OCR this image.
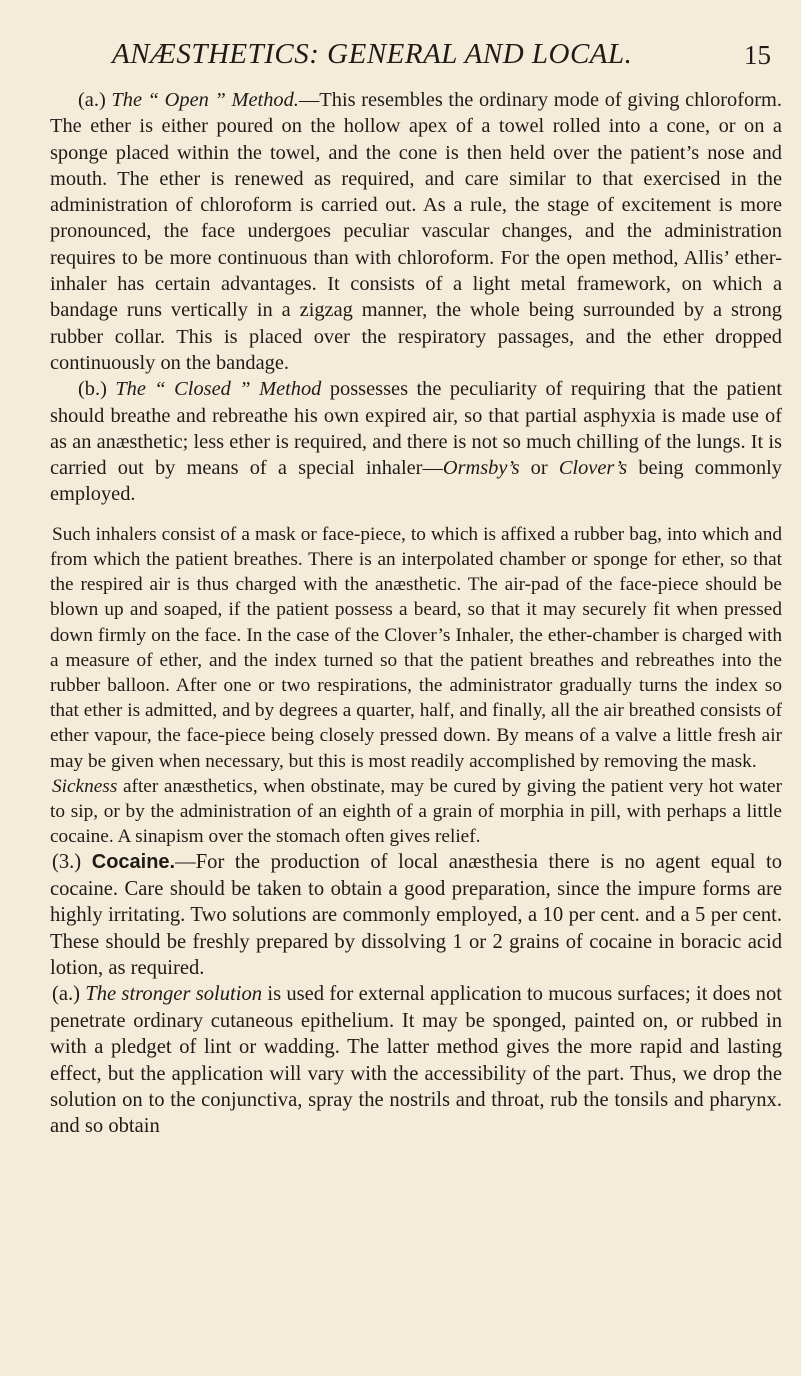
ANÆSTHETICS: GENERAL AND LOCAL.	15

(a.) The “ Open ” Method.—This resembles the ordinary mode of giving chloroform. The ether is either poured on the hollow apex of a towel rolled into a cone, or on a sponge placed within the towel, and the cone is then held over the patient’s nose and mouth. The ether is renewed as required, and care similar to that exercised in the administration of chloroform is carried out. As a rule, the stage of excitement is more pronounced, the face undergoes peculiar vascular changes, and the administration requires to be more continuous than with chloroform. For the open method, Allis’ ether-inhaler has certain advantages. It consists of a light metal framework, on which a bandage runs vertically in a zigzag manner, the whole being surrounded by a strong rubber collar. This is placed over the respiratory passages, and the ether dropped continuously on the bandage.

(b.) The “ Closed ” Method possesses the peculiarity of requiring that the patient should breathe and rebreathe his own expired air, so that partial asphyxia is made use of as an anæsthetic; less ether is required, and there is not so much chilling of the lungs. It is carried out by means of a special inhaler—Ormsby’s or Clover’s being commonly employed.

Such inhalers consist of a mask or face-piece, to which is affixed a rubber bag, into which and from which the patient breathes. There is an interpolated chamber or sponge for ether, so that the respired air is thus charged with the anæsthetic. The air-pad of the face-piece should be blown up and soaped, if the patient possess a beard, so that it may securely fit when pressed down firmly on the face. In the case of the Clover’s Inhaler, the ether-chamber is charged with a measure of ether, and the index turned so that the patient breathes and rebreathes into the rubber balloon. After one or two respirations, the administrator gradually turns the index so that ether is admitted, and by degrees a quarter, half, and finally, all the air breathed consists of ether vapour, the face-piece being closely pressed down. By means of a valve a little fresh air may be given when necessary, but this is most readily accomplished by removing the mask.

Sickness after anæsthetics, when obstinate, may be cured by giving the patient very hot water to sip, or by the administration of an eighth of a grain of morphia in pill, with perhaps a little cocaine. A sinapism over the stomach often gives relief.

(3.) Cocaine.—For the production of local anæsthesia there is no agent equal to cocaine. Care should be taken to obtain a good preparation, since the impure forms are highly irritating. Two solutions are commonly employed, a 10 per cent. and a 5 per cent. These should be freshly prepared by dissolving 1 or 2 grains of cocaine in boracic acid lotion, as required.

(a.) The stronger solution is used for external application to mucous surfaces; it does not penetrate ordinary cutaneous epithelium. It may be sponged, painted on, or rubbed in with a pledget of lint or wadding. The latter method gives the more rapid and lasting effect, but the application will vary with the accessibility of the part. Thus, we drop the solution on to the conjunctiva, spray the nostrils and throat, rub the tonsils and pharynx. and so obtain
